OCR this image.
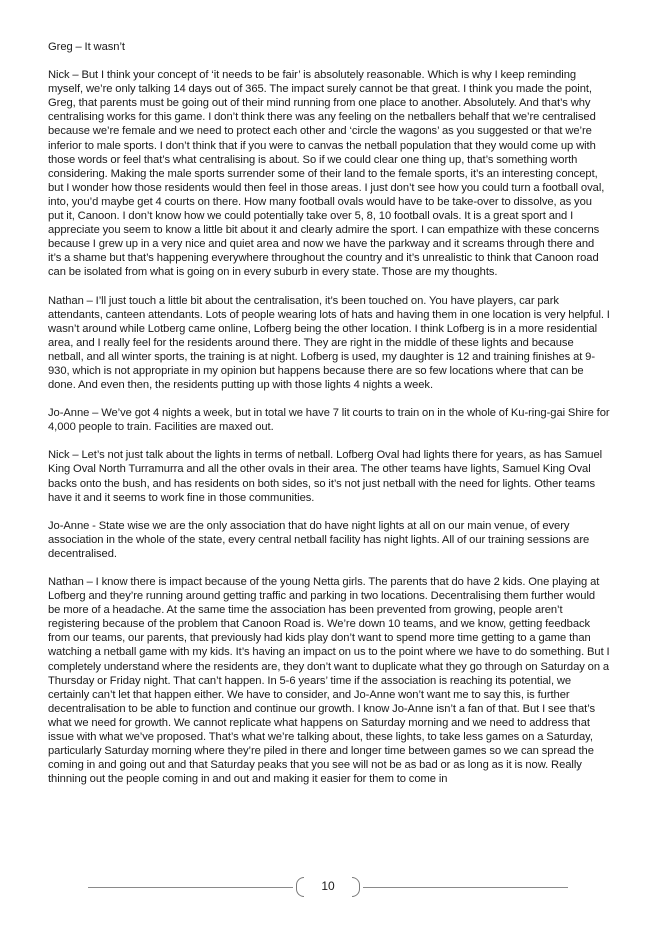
Greg – It wasn’t

Nick – But I think your concept of ‘it needs to be fair’ is absolutely reasonable. Which is why I keep reminding myself, we’re only talking 14 days out of 365. The impact surely cannot be that great. I think you made the point, Greg, that parents must be going out of their mind running from one place to another. Absolutely. And that’s why centralising works for this game. I don’t think there was any feeling on the netballers behalf that we’re centralised because we’re female and we need to protect each other and ‘circle the wagons’ as you suggested or that we’re inferior to male sports. I don’t think that if you were to canvas the netball population that they would come up with those words or feel that’s what centralising is about. So if we could clear one thing up, that’s something worth considering. Making the male sports surrender some of their land to the female sports, it’s an interesting concept, but I wonder how those residents would then feel in those areas. I just don’t see how you could turn a football oval, into, you’d maybe get 4 courts on there. How many football ovals would have to be take-over to dissolve, as you put it, Canoon. I don’t know how we could potentially take over 5, 8, 10 football ovals. It is a great sport and I appreciate you seem to know a little bit about it and clearly admire the sport. I can empathize with these concerns because I grew up in a very nice and quiet area and now we have the parkway and it screams through there and it’s a shame but that’s happening everywhere throughout the country and it’s unrealistic to think that Canoon road can be isolated from what is going on in every suburb in every state. Those are my thoughts.

Nathan – I’ll just touch a little bit about the centralisation, it’s been touched on. You have players, car park attendants, canteen attendants. Lots of people wearing lots of hats and having them in one location is very helpful. I wasn’t around while Lotberg came online, Lofberg being the other location. I think Lofberg is in a more residential area, and I really feel for the residents around there. They are right in the middle of these lights and because netball, and all winter sports, the training is at night. Lofberg is used, my daughter is 12 and training finishes at 9-930, which is not appropriate in my opinion but happens because there are so few locations where that can be done. And even then, the residents putting up with those lights 4 nights a week.

Jo-Anne – We’ve got 4 nights a week, but in total we have 7 lit courts to train on in the whole of Ku-ring-gai Shire for 4,000 people to train. Facilities are maxed out.

Nick – Let’s not just talk about the lights in terms of netball. Lofberg Oval had lights there for years, as has Samuel King Oval North Turramurra and all the other ovals in their area. The other teams have lights, Samuel King Oval backs onto the bush, and has residents on both sides, so it’s not just netball with the need for lights. Other teams have it and it seems to work fine in those communities.

Jo-Anne - State wise we are the only association that do have night lights at all on our main venue, of every association in the whole of the state, every central netball facility has night lights. All of our training sessions are decentralised.

Nathan – I know there is impact because of the young Netta girls. The parents that do have 2 kids. One playing at Lofberg and they’re running around getting traffic and parking in two locations. Decentralising them further would be more of a headache. At the same time the association has been prevented from growing, people aren’t registering because of the problem that Canoon Road is. We’re down 10 teams, and we know, getting feedback from our teams, our parents, that previously had kids play don’t want to spend more time getting to a game than watching a netball game with my kids. It’s having an impact on us to the point where we have to do something. But I completely understand where the residents are, they don’t want to duplicate what they go through on Saturday on a Thursday or Friday night. That can’t happen. In 5-6 years’ time if the association is reaching its potential, we certainly can’t let that happen either. We have to consider, and Jo-Anne won’t want me to say this, is further decentralisation to be able to function and continue our growth. I know Jo-Anne isn’t a fan of that. But I see that’s what we need for growth. We cannot replicate what happens on Saturday morning and we need to address that issue with what we’ve proposed. That’s what we’re talking about, these lights, to take less games on a Saturday, particularly Saturday morning where they’re piled in there and longer time between games so we can spread the coming in and going out and that Saturday peaks that you see will not be as bad or as long as it is now. Really thinning out the people coming in and out and making it easier for them to come in

10
